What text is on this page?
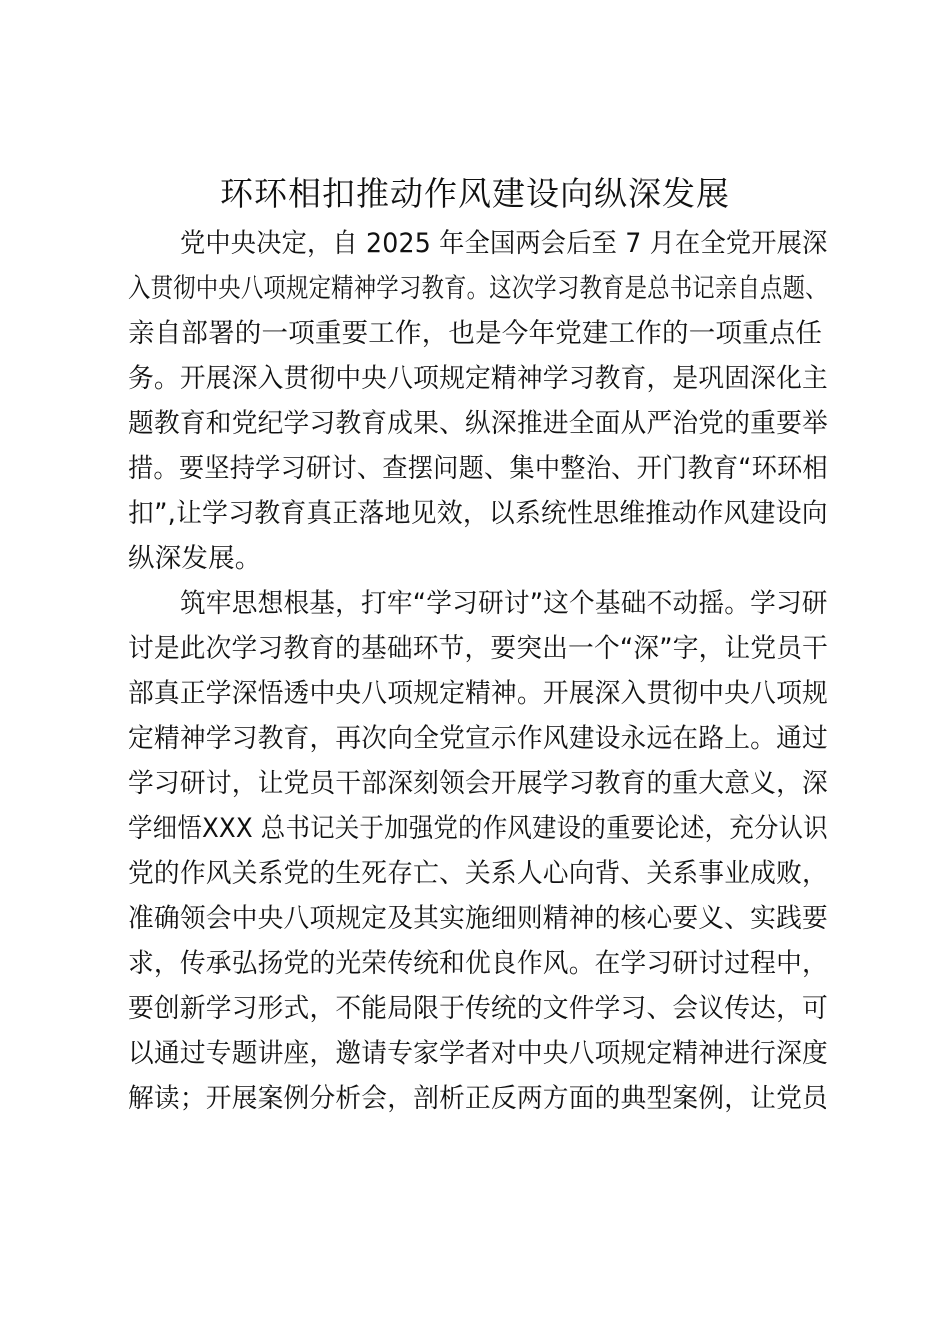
环环相扣推动作风建设向纵深发展
党中央决定，自 2025 年全国两会后至 7 月在全党开展深
入贯彻中央八项规定精神学习教育。这次学习教育是总书记亲自点题、
亲自部署的一项重要工作，也是今年党建工作的一项重点任
务。开展深入贯彻中央八项规定精神学习教育，是巩固深化主
题教育和党纪学习教育成果、纵深推进全面从严治党的重要举
措。要坚持学习研讨、查摆问题、集中整治、开门教育“环环相
扣”,让学习教育真正落地见效，以系统性思维推动作风建设向
纵深发展。
筑牢思想根基，打牢“学习研讨”这个基础不动摇。学习研
讨是此次学习教育的基础环节，要突出一个“深”字，让党员干
部真正学深悟透中央八项规定精神。开展深入贯彻中央八项规
定精神学习教育，再次向全党宣示作风建设永远在路上。通过
学习研讨，让党员干部深刻领会开展学习教育的重大意义，深
学细悟XXX 总书记关于加强党的作风建设的重要论述，充分认识
党的作风关系党的生死存亡、关系人心向背、关系事业成败，
准确领会中央八项规定及其实施细则精神的核心要义、实践要
求，传承弘扬党的光荣传统和优良作风。在学习研讨过程中，
要创新学习形式，不能局限于传统的文件学习、会议传达，可
以通过专题讲座，邀请专家学者对中央八项规定精神进行深度
解读；开展案例分析会，剖析正反两方面的典型案例，让党员
